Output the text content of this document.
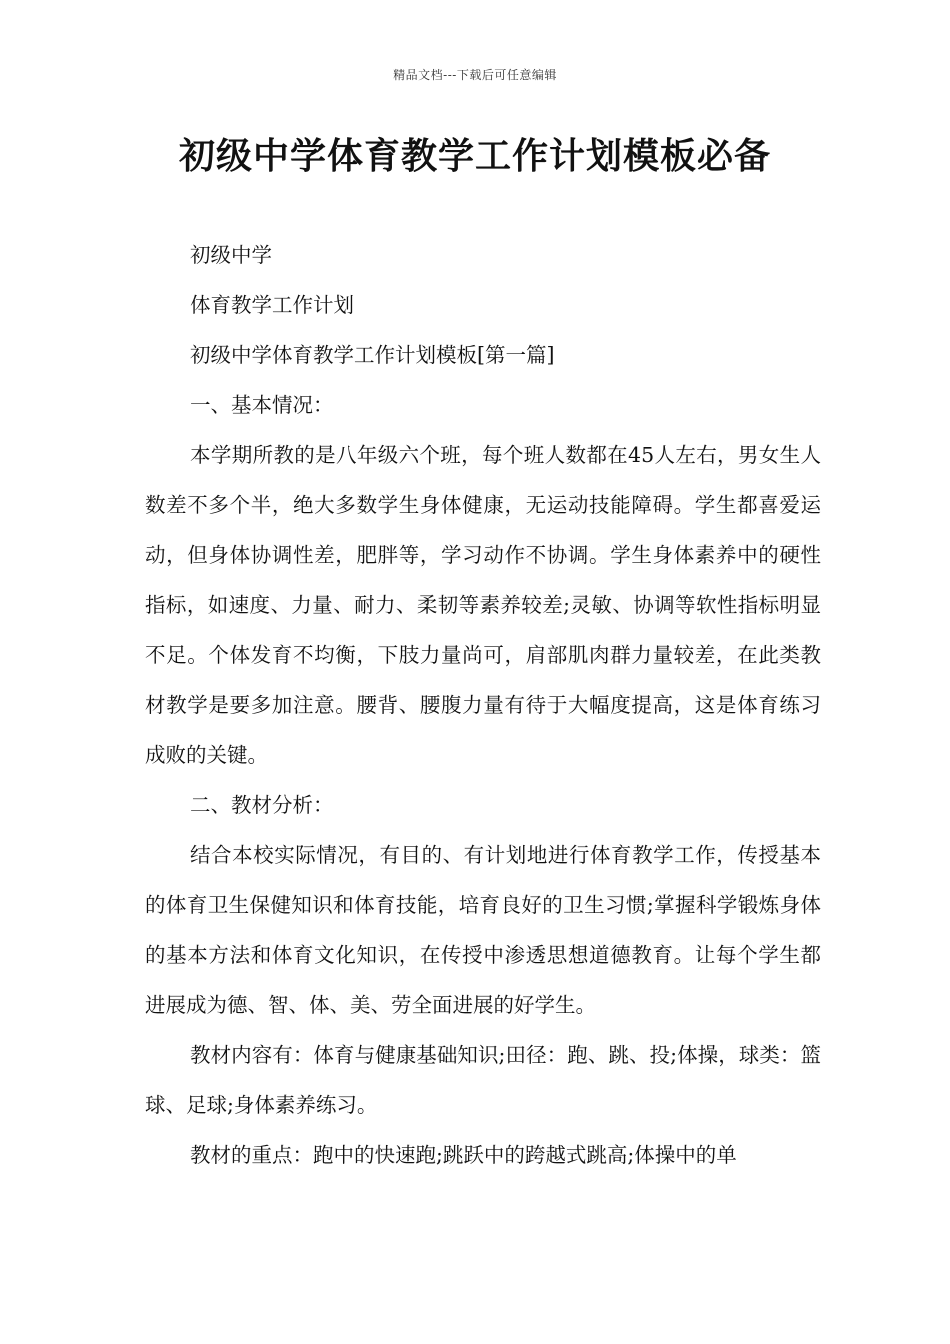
精品文档---下载后可任意编辑
初级中学体育教学工作计划模板必备

初级中学

体育教学工作计划

初级中学体育教学工作计划模板[第一篇]

一、基本情况：

本学期所教的是八年级六个班，每个班人数都在45人左右，男女生人数差不多个半，绝大多数学生身体健康，无运动技能障碍。学生都喜爱运动，但身体协调性差，肥胖等，学习动作不协调。学生身体素养中的硬性指标，如速度、力量、耐力、柔韧等素养较差;灵敏、协调等软性指标明显不足。个体发育不均衡，下肢力量尚可，肩部肌肉群力量较差，在此类教材教学是要多加注意。腰背、腰腹力量有待于大幅度提高，这是体育练习成败的关键。

二、教材分析：

结合本校实际情况，有目的、有计划地进行体育教学工作，传授基本的体育卫生保健知识和体育技能，培育良好的卫生习惯;掌握科学锻炼身体的基本方法和体育文化知识，在传授中渗透思想道德教育。让每个学生都进展成为德、智、体、美、劳全面进展的好学生。

教材内容有：体育与健康基础知识;田径：跑、跳、投;体操，球类：篮球、足球;身体素养练习。

教材的重点：跑中的快速跑;跳跃中的跨越式跳高;体操中的单
